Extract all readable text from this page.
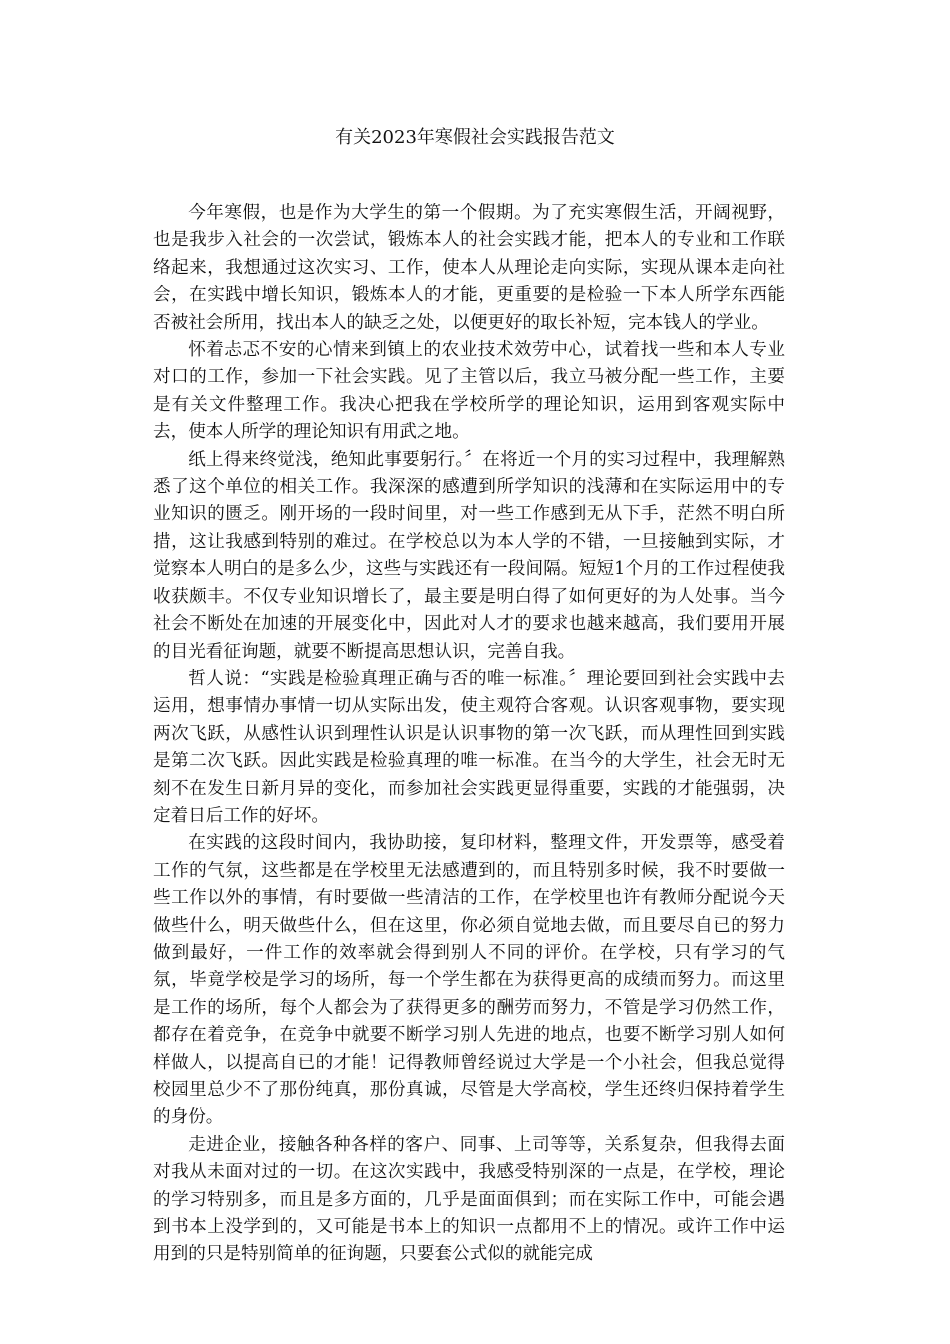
有关2023年寒假社会实践报告范文

今年寒假，也是作为大学生的第一个假期。为了充实寒假生活，开阔视野，也是我步入社会的一次尝试，锻炼本人的社会实践才能，把本人的专业和工作联络起来，我想通过这次实习、工作，使本人从理论走向实际，实现从课本走向社会，在实践中增长知识，锻炼本人的才能，更重要的是检验一下本人所学东西能否被社会所用，找出本人的缺乏之处，以便更好的取长补短，完本钱人的学业。

怀着忐忑不安的心情来到镇上的农业技术效劳中心，试着找一些和本人专业对口的工作，参加一下社会实践。见了主管以后，我立马被分配一些工作，主要是有关文件整理工作。我决心把我在学校所学的理论知识，运用到客观实际中去，使本人所学的理论知识有用武之地。

纸上得来终觉浅，绝知此事要躬行。〞在将近一个月的实习过程中，我理解熟悉了这个单位的相关工作。我深深的感遭到所学知识的浅薄和在实际运用中的专业知识的匮乏。刚开场的一段时间里，对一些工作感到无从下手，茫然不明白所措，这让我感到特别的难过。在学校总以为本人学的不错，一旦接触到实际，才觉察本人明白的是多么少，这些与实践还有一段间隔。短短1个月的工作过程使我收获颇丰。不仅专业知识增长了，最主要是明白得了如何更好的为人处事。当今社会不断处在加速的开展变化中，因此对人才的要求也越来越高，我们要用开展的目光看征询题，就要不断提高思想认识，完善自我。

哲人说：“实践是检验真理正确与否的唯一标准。〞理论要回到社会实践中去运用，想事情办事情一切从实际出发，使主观符合客观。认识客观事物，要实现两次飞跃，从感性认识到理性认识是认识事物的第一次飞跃，而从理性回到实践是第二次飞跃。因此实践是检验真理的唯一标准。在当今的大学生，社会无时无刻不在发生日新月异的变化，而参加社会实践更显得重要，实践的才能强弱，决定着日后工作的好坏。

在实践的这段时间内，我协助接，复印材料，整理文件，开发票等，感受着工作的气氛，这些都是在学校里无法感遭到的，而且特别多时候，我不时要做一些工作以外的事情，有时要做一些清洁的工作，在学校里也许有教师分配说今天做些什么，明天做些什么，但在这里，你必须自觉地去做，而且要尽自已的努力做到最好，一件工作的效率就会得到别人不同的评价。在学校，只有学习的气氛，毕竟学校是学习的场所，每一个学生都在为获得更高的成绩而努力。而这里是工作的场所，每个人都会为了获得更多的酬劳而努力，不管是学习仍然工作，都存在着竞争，在竞争中就要不断学习别人先进的地点，也要不断学习别人如何样做人，以提高自已的才能！记得教师曾经说过大学是一个小社会，但我总觉得校园里总少不了那份纯真，那份真诚，尽管是大学高校，学生还终归保持着学生的身份。

走进企业，接触各种各样的客户、同事、上司等等，关系复杂，但我得去面对我从未面对过的一切。在这次实践中，我感受特别深的一点是，在学校，理论的学习特别多，而且是多方面的，几乎是面面俱到；而在实际工作中，可能会遇到书本上没学到的，又可能是书本上的知识一点都用不上的情况。或许工作中运用到的只是特别简单的征询题，只要套公式似的就能完成
